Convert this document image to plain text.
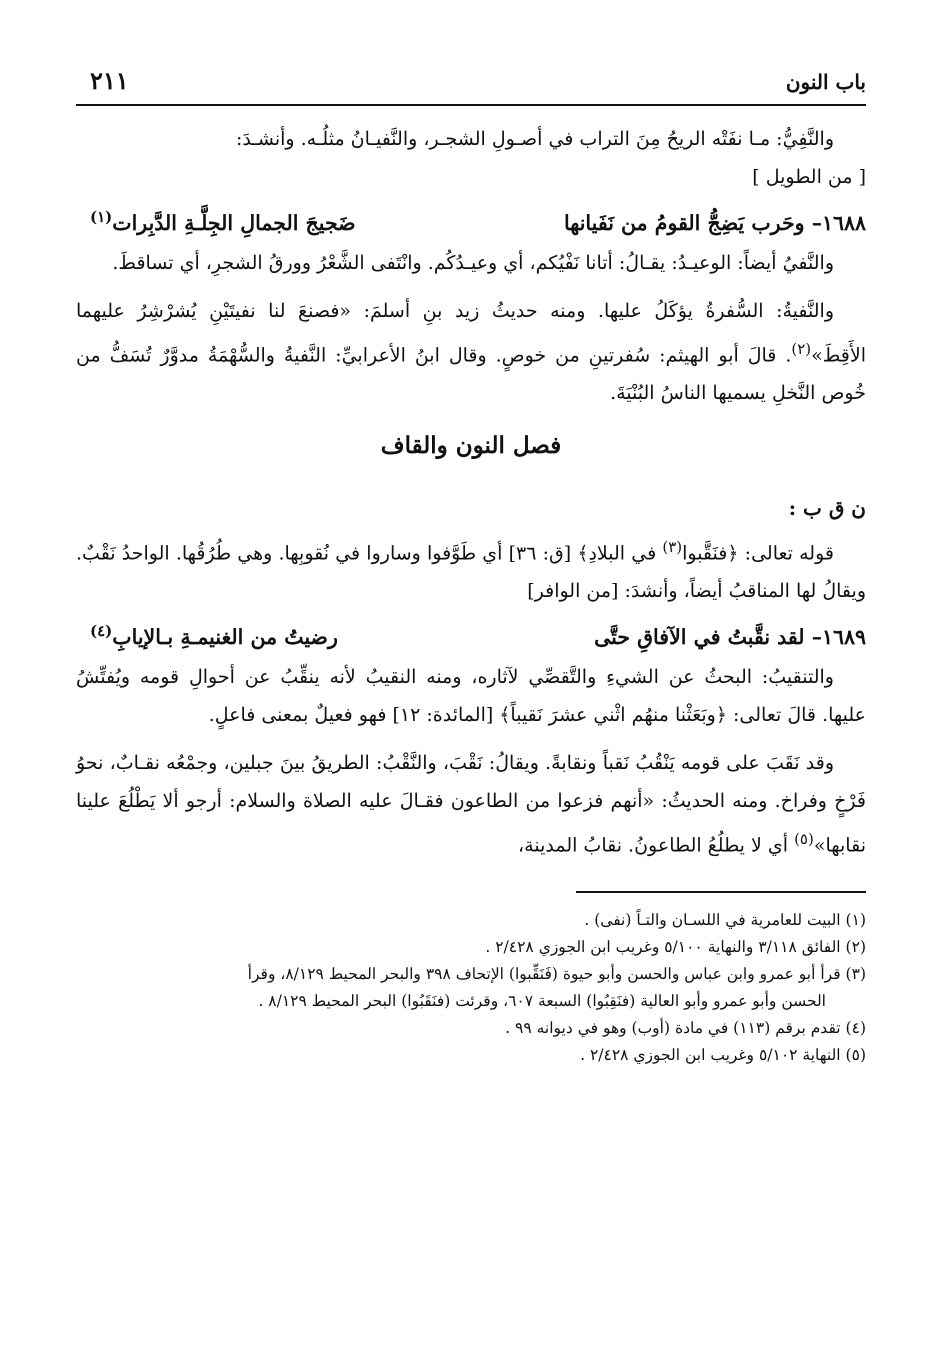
باب النون
٢١١

والنَّفِيُّ: مـا نفَتْه الريحُ مِنَ التراب في أصـولِ الشجـر، والنَّفيـانُ مثلُـه. وأنشـدَ:

[ من الطويل ]

١٦٨٨– وحَرب يَضِجُّ القومُ من نَفَيانها
ضَجيجَ الجمالِ الجِلَّـةِ الدَّبِرات$^{(١)}$

والنَّفيُ أيضاً: الوعيـدُ: يقـالُ: أتانا نَفْيُكم، أي وعيـدُكُم. وانْتَفى الشَّعْرُ وورقُ الشجرِ، أي تساقطَ.

والنَّفيةُ: السُّفرةُ يؤكَلُ عليها. ومنه حديثُ زيد بنِ أسلمَ: «فصنعَ لنا نفيتَيْنِ يُشرْشِرُ عليهما الأَقِطَ»$^{(٢)}$. قالَ أبو الهيثم: سُفرتينِ من خوصٍ. وقال ابنُ الأعرابيِّ: النَّفيةُ والسُّهْمَةُ مدوَّرٌ تُسَفُّ من خُوص النَّخلِ يسميها الناسُ البُنْيَةَ.

فصل النون والقاف
ن ق ب :

قوله تعالى: ﴿فنَقَّبوا$^{(٣)}$ في البلادِ﴾ [ق: ٣٦] أي طَوَّفوا وساروا في نُقوبِها. وهي طُرُقُها. الواحدُ نَقْبٌ. ويقالُ لها المناقبُ أيضاً، وأنشدَ: [من الوافر]

١٦٨٩– لقد نقَّبتُ في الآفاقِ حتَّى
رضيتُ من الغنيمـةِ بـالإيابِ$^{(٤)}$

والتنقيبُ: البحثُ عن الشيءِ والتَّقصِّي لآثاره، ومنه النقيبُ لأنه ينقِّبُ عن أحوالِ قومه ويُفتِّشُ عليها. قالَ تعالى: ﴿وبَعَثْنا منهُم اثْني عشرَ نَقيباً﴾ [المائدة: ١٢] فهو فعيلٌ بمعنى فاعلٍ.

وقد نَقَبَ على قومه يَنْقُبُ نَقباً ونقابةً. ويقالُ: نَقْبَ، والنَّقْبُ: الطريقُ بينَ جبلين، وجمْعُه نقـابٌ، نحوُ فَرْخٍ وفراخ. ومنه الحديثُ: «أنهم فزعوا من الطاعون فقـالَ عليه الصلاة والسلام: أرجو ألا يَطْلُعَ علينا نقابها»$^{(٥)}$ أي لا يطلُعُ الطاعونُ. نقابُ المدينة،

(١) البيت للعامرية في اللسـان والتـاً (نفى) .

(٢) الفائق ٣/١١٨ والنهاية ٥/١٠٠ وغريب ابن الجوزي ٢/٤٢٨ .

(٣) قرأ أبو عمرو وابن عباس والحسن وأبو حيوة (فَنَقِّبوا) الإتحاف ٣٩٨ والبحر المحيط ٨/١٢٩، وقرأ

الحسن وأبو عمرو وأبو العالية (فنَقِبُوا) السبعة ٦٠٧، وقرئت (فنَقَبُوا) البحر المحيط ٨/١٢٩ .

(٤) تقدم برقم (١١٣) في مادة (أوب) وهو في ديوانه ٩٩ .

(٥) النهاية ٥/١٠٢ وغريب ابن الجوزي ٢/٤٢٨ .
